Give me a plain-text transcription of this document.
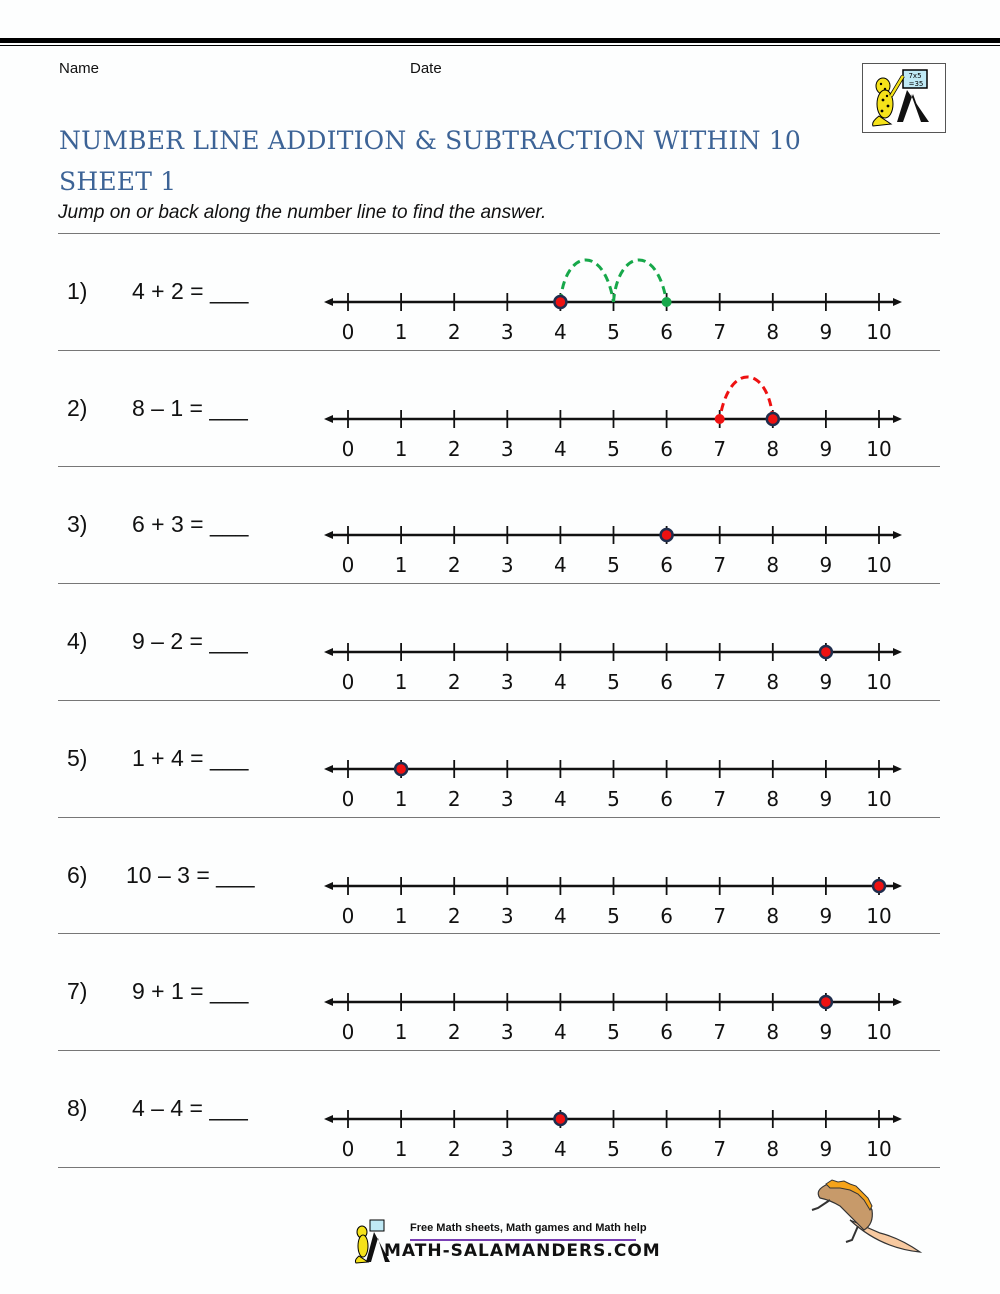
Name	Date	7x5
=35
NUMBER LINE ADDITION & SUBTRACTION WITHIN 10
SHEET 1
Jump on or back along the number line to find the answer.
1) 4 + 2 = ___
0 1 2 3 4 5 6 7 8 9 10
2) 8 – 1 = ___
0 1 2 3 4 5 6 7 8 9 10
3) 6 + 3 = ___
0 1 2 3 4 5 6 7 8 9 10
4) 9 – 2 = ___
0 1 2 3 4 5 6 7 8 9 10
5) 1 + 4 = ___
0 1 2 3 4 5 6 7 8 9 10
6) 10 – 3 = ___
0 1 2 3 4 5 6 7 8 9 10
7) 9 + 1 = ___
0 1 2 3 4 5 6 7 8 9 10
8) 4 – 4 = ___
0 1 2 3 4 5 6 7 8 9 10
Free Math sheets, Math games and Math help
MATH-SALAMANDERS.COM
